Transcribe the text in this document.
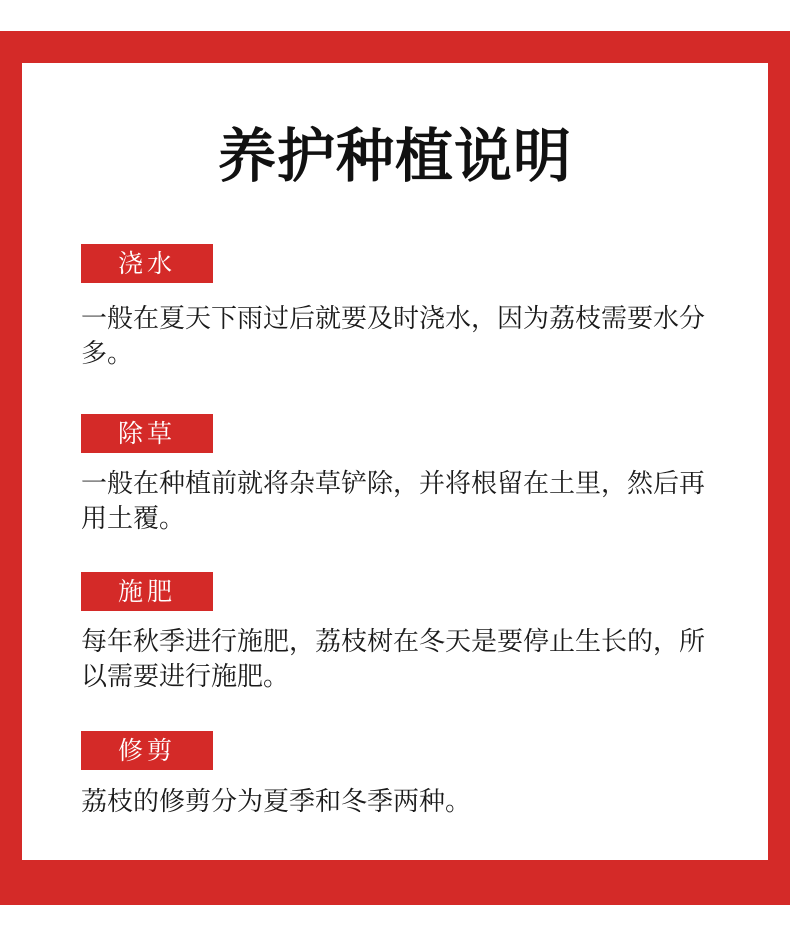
养护种植说明
浇水
一般在夏天下雨过后就要及时浇水，因为荔枝需要水分多。
除草
一般在种植前就将杂草铲除，并将根留在土里，然后再用土覆。
施肥
每年秋季进行施肥，荔枝树在冬天是要停止生长的，所以需要进行施肥。
修剪
荔枝的修剪分为夏季和冬季两种。
